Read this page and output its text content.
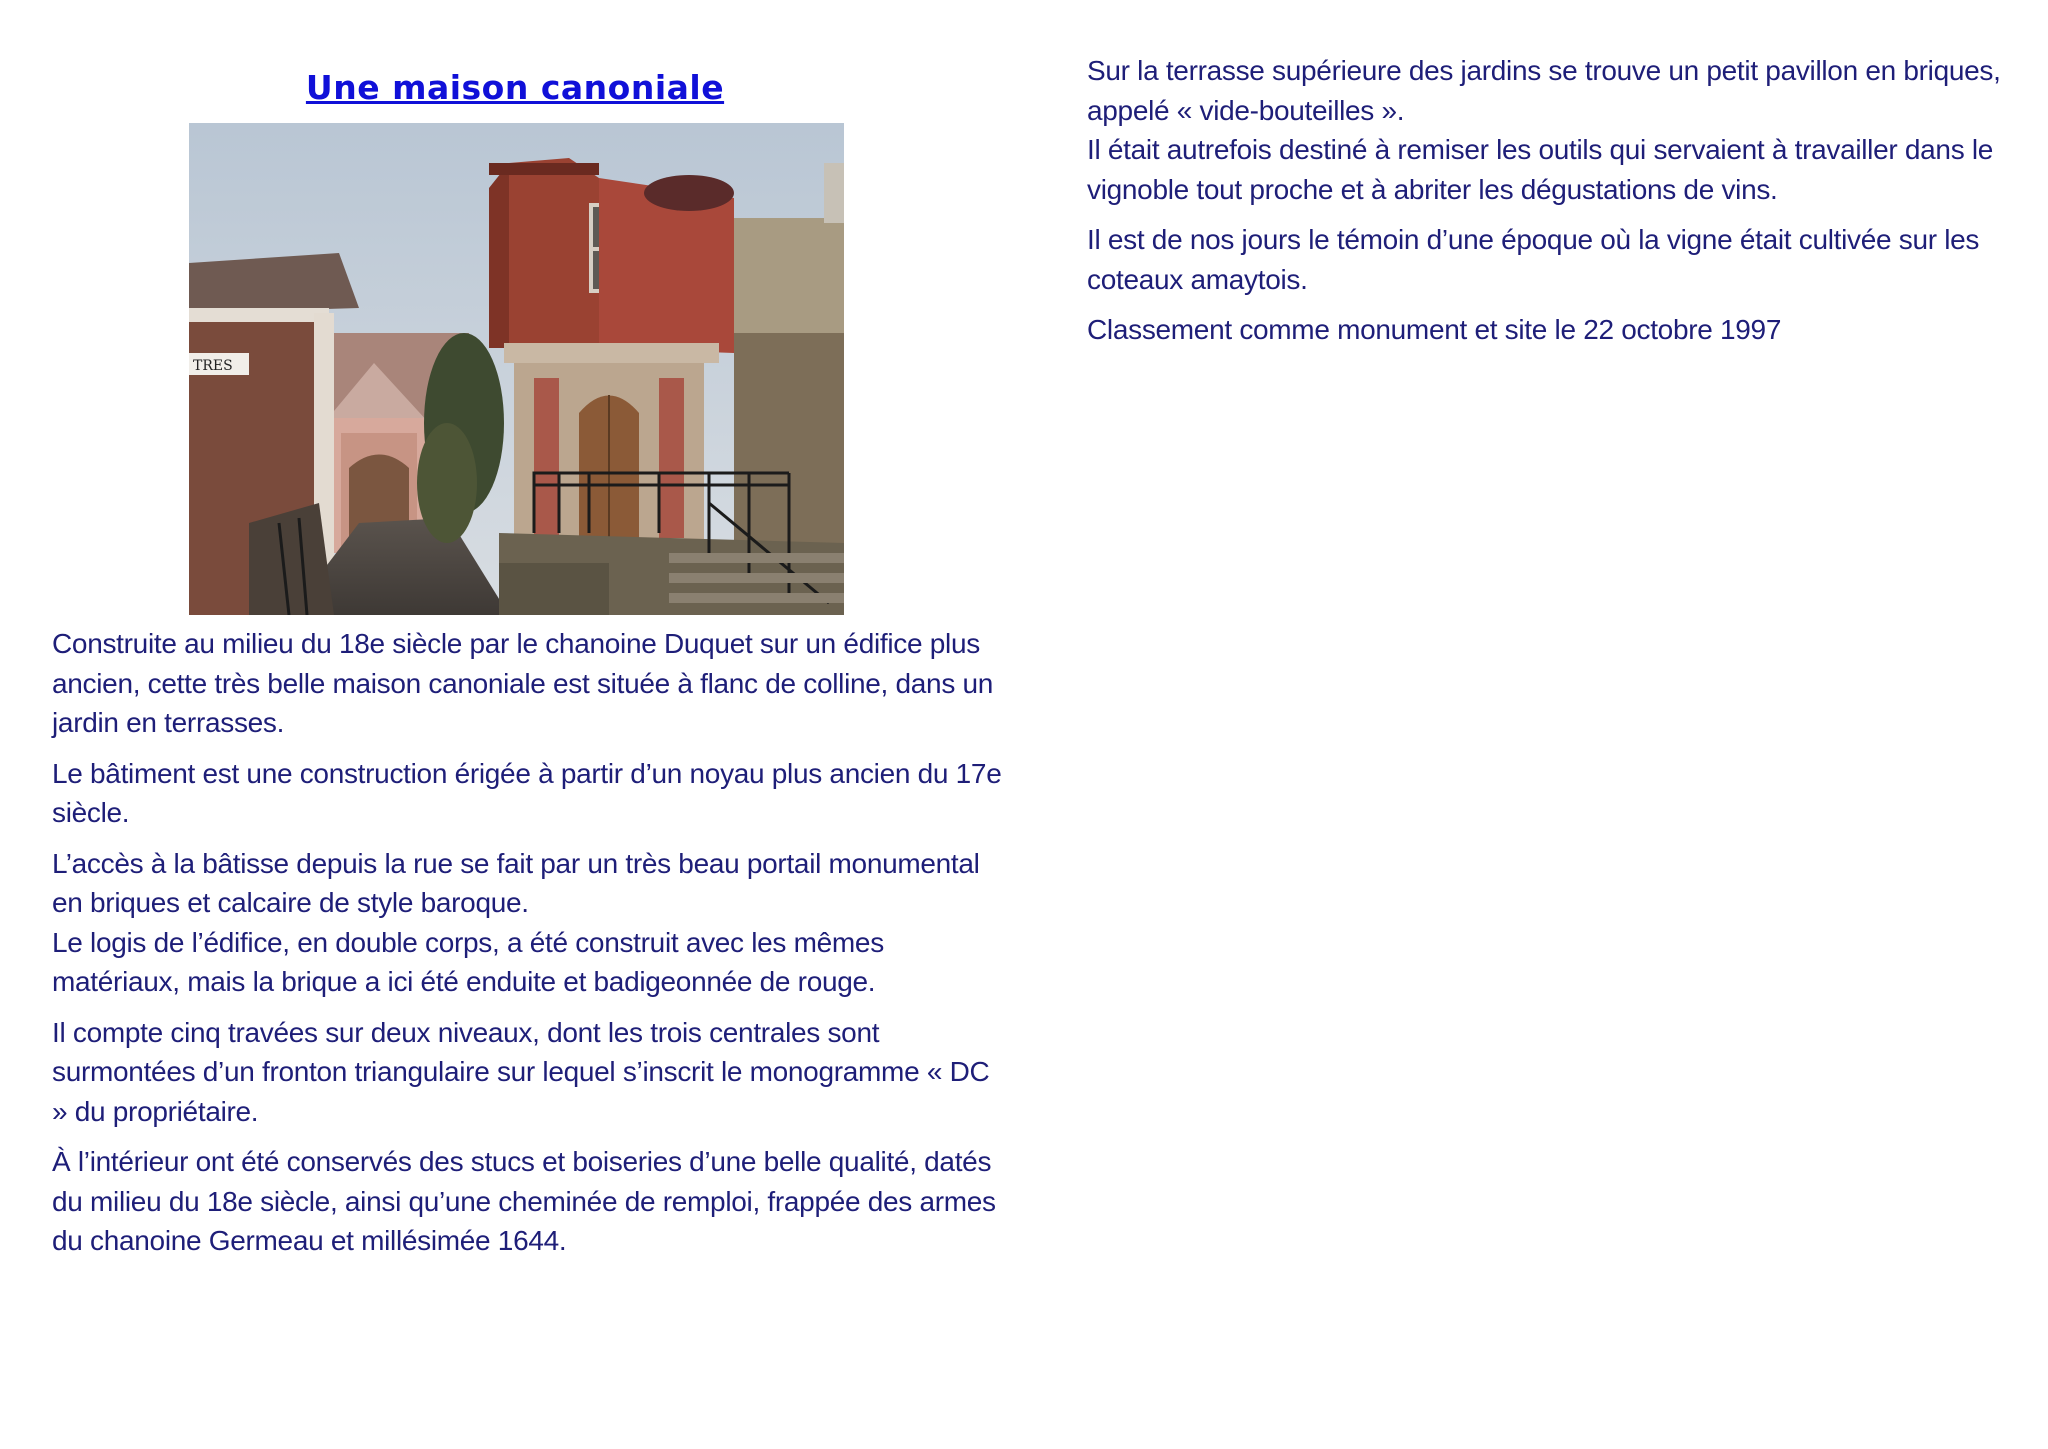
Une maison canoniale
TRES

Construite au milieu du 18e siècle par le chanoine Duquet sur un édifice plus ancien, cette très belle maison canoniale est située à flanc de colline, dans un jardin en terrasses.

Le bâtiment est une construction érigée à partir d’un noyau plus ancien du 17e siècle.

L’accès à la bâtisse depuis la rue se fait par un très beau portail monumental en briques et calcaire de style baroque.

Le logis de l’édifice, en double corps, a été construit avec les mêmes matériaux, mais la brique a ici été enduite et badigeonnée de rouge.

Il compte cinq travées sur deux niveaux, dont les trois centrales sont surmontées d’un fronton triangulaire sur lequel s’inscrit le monogramme « DC » du propriétaire.

À l’intérieur ont été conservés des stucs et boiseries d’une belle qualité, datés du milieu du 18e siècle, ainsi qu’une cheminée de remploi, frappée des armes du chanoine Germeau et millésimée 1644.

Sur la terrasse supérieure des jardins se trouve un petit pavillon en briques, appelé « vide-bouteilles ».

Il était autrefois destiné à remiser les outils qui servaient à travailler dans le vignoble tout proche et à abriter les dégustations de vins.

Il est de nos jours le témoin d’une époque où la vigne était cultivée sur les coteaux amaytois.

Classement comme monument et site le 22 octobre 1997
